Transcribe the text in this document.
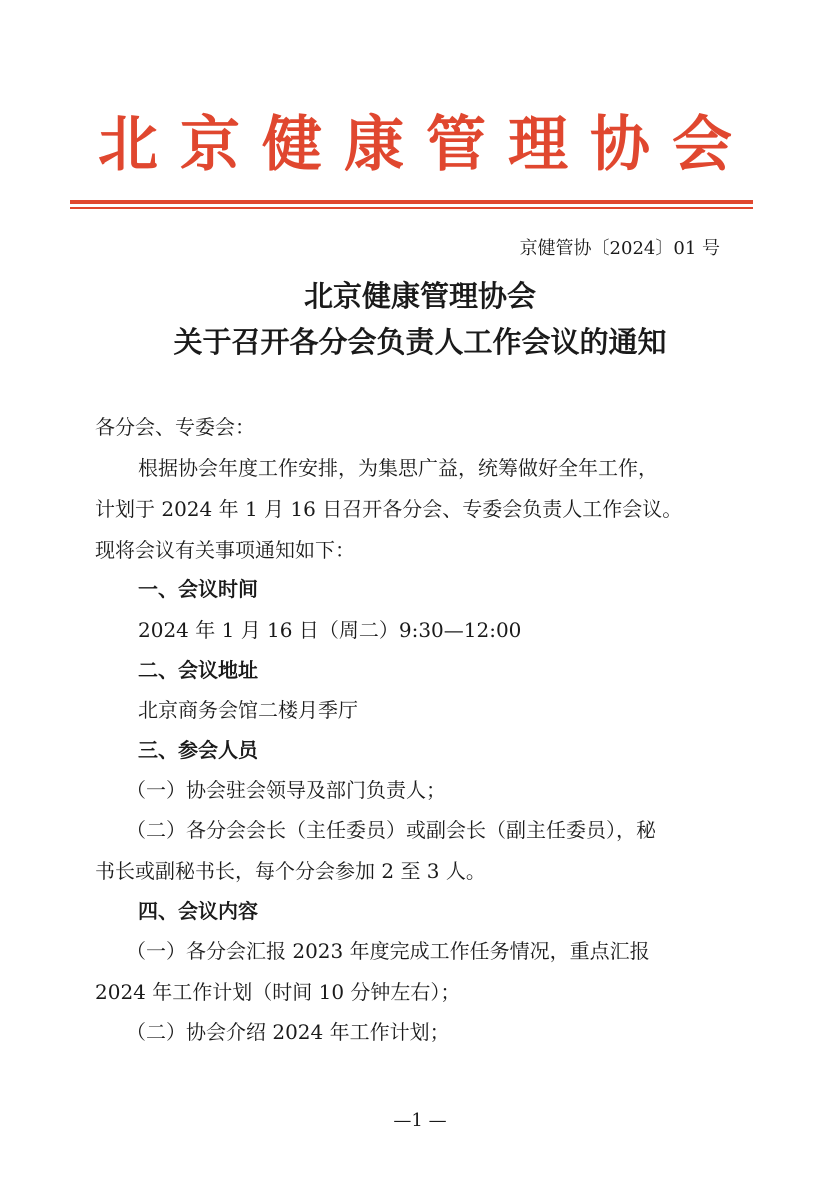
北京健康管理协会
京健管协〔2024〕01 号
北京健康管理协会
关于召开各分会负责人工作会议的通知
各分会、专委会：
根据协会年度工作安排，为集思广益，统筹做好全年工作，
计划于 2024 年 1 月 16 日召开各分会、专委会负责人工作会议。
现将会议有关事项通知如下：
一、会议时间
2024 年 1 月 16 日（周二）9:30—12:00
二、会议地址
北京商务会馆二楼月季厅
三、参会人员
（一）协会驻会领导及部门负责人；
（二）各分会会长（主任委员）或副会长（副主任委员），秘
书长或副秘书长，每个分会参加 2 至 3 人。
四、会议内容
（一）各分会汇报 2023 年度完成工作任务情况，重点汇报
2024 年工作计划（时间 10 分钟左右）；
（二）协会介绍 2024 年工作计划；
—1 —
